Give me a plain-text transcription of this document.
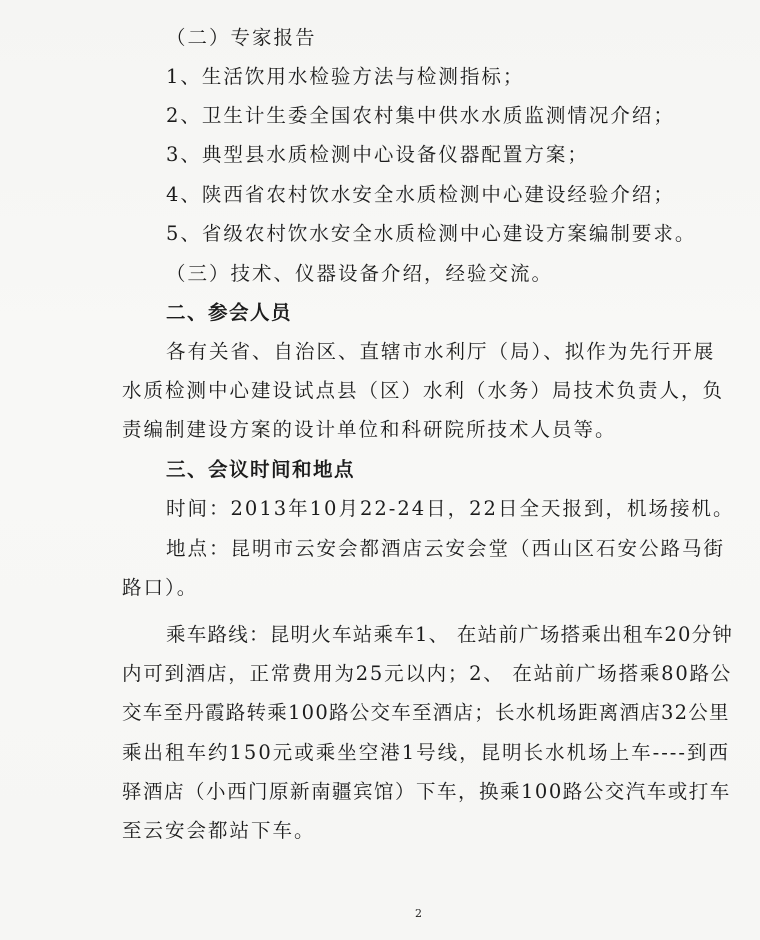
（二）专家报告
1、生活饮用水检验方法与检测指标；
2、卫生计生委全国农村集中供水水质监测情况介绍；
3、典型县水质检测中心设备仪器配置方案；
4、陕西省农村饮水安全水质检测中心建设经验介绍；
5、省级农村饮水安全水质检测中心建设方案编制要求。
（三）技术、仪器设备介绍，经验交流。
二、参会人员
各有关省、自治区、直辖市水利厅（局）、拟作为先行开展
水质检测中心建设试点县（区）水利（水务）局技术负责人，负
责编制建设方案的设计单位和科研院所技术人员等。
三、会议时间和地点
时间：2013年10月22-24日，22日全天报到，机场接机。
地点：昆明市云安会都酒店云安会堂（西山区石安公路马街
路口）。
乘车路线：昆明火车站乘车1、 在站前广场搭乘出租车20分钟
内可到酒店，正常费用为25元以内；2、 在站前广场搭乘80路公
交车至丹霞路转乘100路公交车至酒店；长水机场距离酒店32公里
乘出租车约150元或乘坐空港1号线，昆明长水机场上车----到西
驿酒店（小西门原新南疆宾馆）下车，换乘100路公交汽车或打车
至云安会都站下车。
2
